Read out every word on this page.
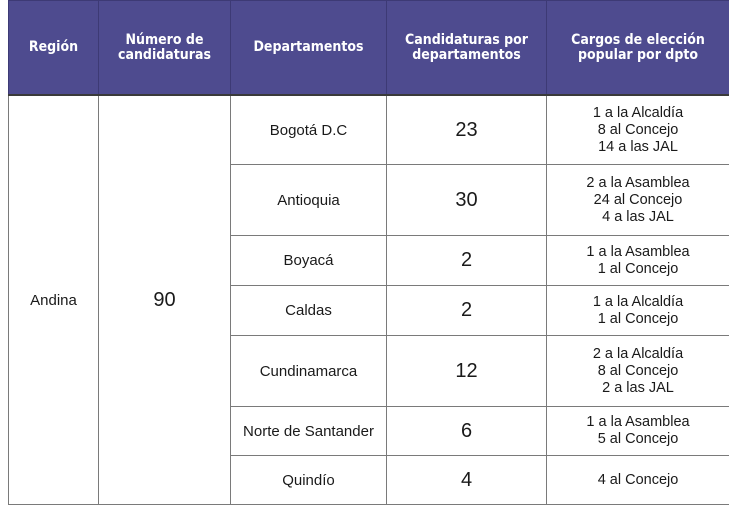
Región	Número de candidaturas	Departamentos	Candidaturas por departamentos	Cargos de elección popular por dpto
Andina	90	Bogotá D.C	23	1 a la Alcaldía
8 al Concejo
14 a las JAL

		Antioquia	30	2 a la Asamblea
24 al Concejo
4 a las JAL

		Boyacá	2	1 a la Asamblea
1 al Concejo

		Caldas	2	1 a la Alcaldía
1 al Concejo

		Cundinamarca	12	2 a la Alcaldía
8 al Concejo
2 a las JAL

		Norte de Santander	6	1 a la Asamblea
5 al Concejo

		Quindío	4	4 al Concejo
